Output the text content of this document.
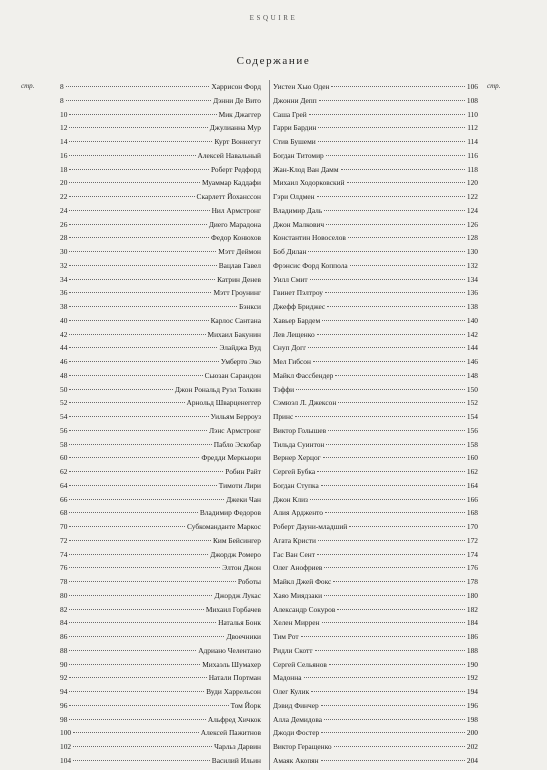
ESQUIRE
Содержание
стр.	стр.
8	Харрисон Форд
8	Дэнни Де Вито
10	Мик Джаггер
12	Джулианна Мур
14	Курт Воннегут
16	Алексей Навальный
18	Роберт Редфорд
20	Муаммар Каддафи
22	Скарлетт Йоханссон
24	Нил Армстронг
26	Диего Марадона
28	Федор Конюхов
30	Мэтт Деймон
32	Вацлав Гавел
34	Катрин Денев
36	Мэтт Гроунинг
38	Бэнкси
40	Карлос Сантана
42	Михаил Бакунин
44	Элайджа Вуд
46	Умберто Эко
48	Сьюзан Сарандон
50	Джон Рональд Руэл Толкин
52	Арнольд Шварценеггер
54	Уильям Берроуз
56	Лэнс Армстронг
58	Пабло Эскобар
60	Фредди Меркьюри
62	Робин Райт
64	Тимоти Лири
66	Джеки Чан
68	Владимир Федоров
70	Субкомандантe Маркос
72	Ким Бейсингер
74	Джордж Ромеро
76	Элтон Джон
78	Роботы
80	Джордж Лукас
82	Михаил Горбачев
84	Наталья Бонк
86	Двоечники
88	Адриано Челентано
90	Михаэль Шумахер
92	Натали Портман
94	Вуди Харрельсон
96	Том Йорк
98	Альфред Хичкок
100	Алексей Пажитнов
102	Чарльз Дарвин
104	Василий Ильин
Уистен Хью Оден	106
Джонни Депп	108
Саша Грей	110
Гарри Бардин	112
Стив Бушеми	114
Богдан Титомир	116
Жан-Клод Ван Дамм	118
Михаил Ходорковский	120
Гэри Олдмен	122
Владимир Даль	124
Джон Малкович	126
Константин Новоселов	128
Боб Дилан	130
Фрэнсис Форд Коппола	132
Уилл Смит	134
Гвинет Пэлтроу	136
Джефф Бриджес	138
Хавьер Бардем	140
Лев Лещенко	142
Снуп Догг	144
Мел Гибсон	146
Майкл Фассбендер	148
Тэффи	150
Сэмюэл Л. Джексон	152
Принс	154
Виктор Голышев	156
Тильда Суинтон	158
Вернер Херцог	160
Сергей Бубка	162
Богдан Ступка	164
Джон Клиз	166
Алия Ардженто	168
Роберт Дауни-младший	170
Агата Кристи	172
Гас Ван Сент	174
Олег Анофриев	176
Майкл Джей Фокс	178
Хаяо Миядзаки	180
Александр Сокуров	182
Хелен Миррен	184
Тим Рот	186
Ридли Скотт	188
Сергей Сельянов	190
Мадонна	192
Олег Кулик	194
Дэвид Финчер	196
Алла Демидова	198
Джоди Фостер	200
Виктор Геращенко	202
Амаяк Акопян	204
